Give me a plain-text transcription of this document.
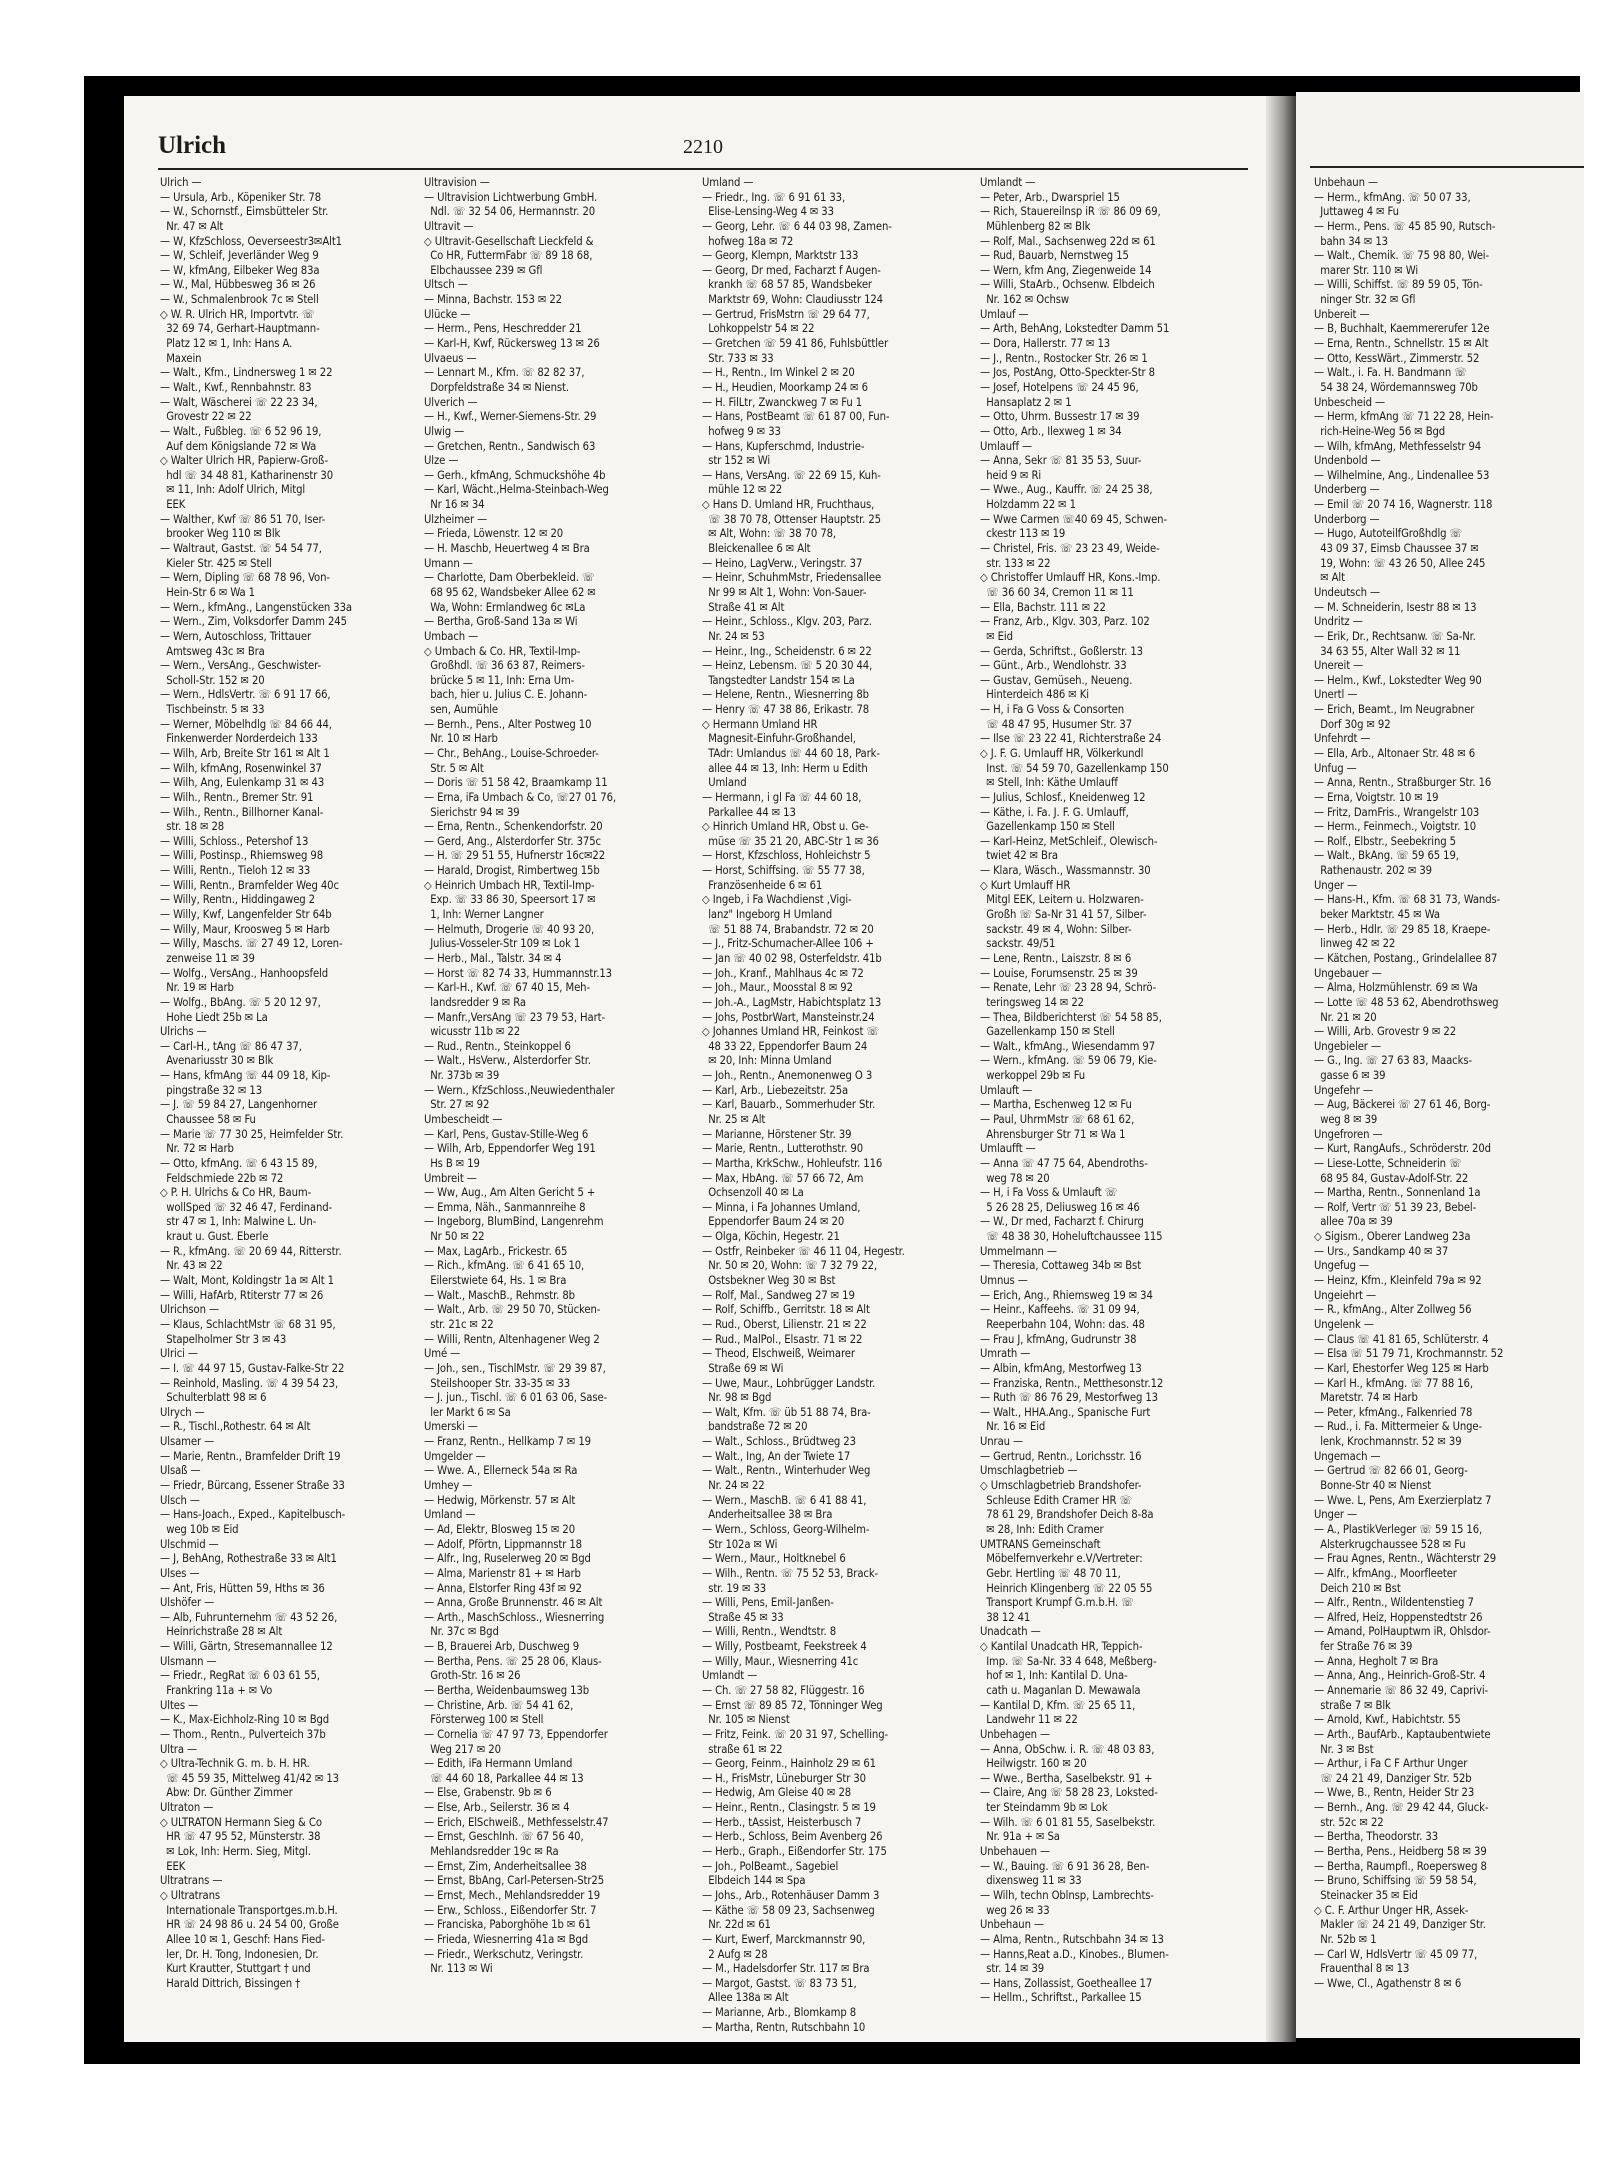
Ulrich	2210
Ulrich —
— Ursula, Arb., Köpeniker Str. 78
— W., Schornstf., Eimsbütteler Str.
Nr. 47 ✉ Alt
— W, KfzSchloss, Oeverseestr3✉Alt1
— W, Schleif, Jeverländer Weg 9
— W, kfmAng, Eilbeker Weg 83a
— W., Mal, Hübbesweg 36 ✉ 26
— W., Schmalenbrook 7c ✉ Stell
◇ W. R. Ulrich HR, Importvtr. ☏
32 69 74, Gerhart-Hauptmann-
Platz 12 ✉ 1, Inh: Hans A.
Maxein
— Walt., Kfm., Lindnersweg 1 ✉ 22
— Walt., Kwf., Rennbahnstr. 83
— Walt, Wäscherei ☏ 22 23 34,
Grovestr 22 ✉ 22
— Walt., Fußbleg. ☏ 6 52 96 19,
Auf dem Königslande 72 ✉ Wa
◇ Walter Ulrich HR, Papierw-Groß-
hdl ☏ 34 48 81, Katharinenstr 30
✉ 11, Inh: Adolf Ulrich, Mitgl
EEK
— Walther, Kwf ☏ 86 51 70, Iser-
brooker Weg 110 ✉ Blk
— Waltraut, Gastst. ☏ 54 54 77,
Kieler Str. 425 ✉ Stell
— Wern, Dipling ☏ 68 78 96, Von-
Hein-Str 6 ✉ Wa 1
— Wern., kfmAng., Langenstücken 33a
— Wern., Zim, Volksdorfer Damm 245
— Wern, Autoschloss, Trittauer
Amtsweg 43c ✉ Bra
— Wern., VersAng., Geschwister-
Scholl-Str. 152 ✉ 20
— Wern., HdlsVertr. ☏ 6 91 17 66,
Tischbeinstr. 5 ✉ 33
— Werner, Möbelhdlg ☏ 84 66 44,
Finkenwerder Norderdeich 133
— Wilh, Arb, Breite Str 161 ✉ Alt 1
— Wilh, kfmAng, Rosenwinkel 37
— Wilh, Ang, Eulenkamp 31 ✉ 43
— Wilh., Rentn., Bremer Str. 91
— Wilh., Rentn., Billhorner Kanal-
str. 18 ✉ 28
— Willi, Schloss., Petershof 13
— Willi, Postinsp., Rhiemsweg 98
— Willi, Rentn., Tieloh 12 ✉ 33
— Willi, Rentn., Bramfelder Weg 40c
— Willy, Rentn., Hiddingaweg 2
— Willy, Kwf, Langenfelder Str 64b
— Willy, Maur, Kroosweg 5 ✉ Harb
— Willy, Maschs. ☏ 27 49 12, Loren-
zenweise 11 ✉ 39
— Wolfg., VersAng., Hanhoopsfeld
Nr. 19 ✉ Harb
— Wolfg., BbAng. ☏ 5 20 12 97,
Hohe Liedt 25b ✉ La
Ulrichs —
— Carl-H., tAng ☏ 86 47 37,
Avenariusstr 30 ✉ Blk
— Hans, kfmAng ☏ 44 09 18, Kip-
pingstraße 32 ✉ 13
— J. ☏ 59 84 27, Langenhorner
Chaussee 58 ✉ Fu
— Marie ☏ 77 30 25, Heimfelder Str.
Nr. 72 ✉ Harb
— Otto, kfmAng. ☏ 6 43 15 89,
Feldschmiede 22b ✉ 72
◇ P. H. Ulrichs & Co HR, Baum-
wollSped ☏ 32 46 47, Ferdinand-
str 47 ✉ 1, Inh: Malwine L. Un-
kraut u. Gust. Eberle
— R., kfmAng. ☏ 20 69 44, Ritterstr.
Nr. 43 ✉ 22
— Walt, Mont, Koldingstr 1a ✉ Alt 1
— Willi, HafArb, Rtiterstr 77 ✉ 26
Ulrichson —
— Klaus, SchlachtMstr ☏ 68 31 95,
Stapelholmer Str 3 ✉ 43
Ulrici —
— I. ☏ 44 97 15, Gustav-Falke-Str 22
— Reinhold, Masling. ☏ 4 39 54 23,
Schulterblatt 98 ✉ 6
Ulrych —
— R., Tischl.,Rothestr. 64 ✉ Alt
Ulsamer —
— Marie, Rentn., Bramfelder Drift 19
Ulsaß —
— Friedr, Bürcang, Essener Straße 33
Ulsch —
— Hans-Joach., Exped., Kapitelbusch-
weg 10b ✉ Eid
Ulschmid —
— J, BehAng, Rothestraße 33 ✉ Alt1
Ulses —
— Ant, Fris, Hütten 59, Hths ✉ 36
Ulshöfer —
— Alb, Fuhrunternehm ☏ 43 52 26,
Heinrichstraße 28 ✉ Alt
— Willi, Gärtn, Stresemannallee 12
Ulsmann —
— Friedr., RegRat ☏ 6 03 61 55,
Frankring 11a + ✉ Vo
Ultes —
— K., Max-Eichholz-Ring 10 ✉ Bgd
— Thom., Rentn., Pulverteich 37b
Ultra —
◇ Ultra-Technik G. m. b. H. HR.
☏ 45 59 35, Mittelweg 41/42 ✉ 13
Abw: Dr. Günther Zimmer
Ultraton —
◇ ULTRATON Hermann Sieg & Co
HR ☏ 47 95 52, Münsterstr. 38
✉ Lok, Inh: Herm. Sieg, Mitgl.
EEK
Ultratrans —
◇ Ultratrans
Internationale Transportges.m.b.H.
HR ☏ 24 98 86 u. 24 54 00, Große
Allee 10 ✉ 1, Geschf: Hans Fied-
ler, Dr. H. Tong, Indonesien, Dr.
Kurt Krautter, Stuttgart † und
Harald Dittrich, Bissingen †
Ultravision —
— Ultravision Lichtwerbung GmbH.
Ndl. ☏ 32 54 06, Hermannstr. 20
Ultravit —
◇ Ultravit-Gesellschaft Lieckfeld &
Co HR, FuttermFabr ☏ 89 18 68,
Elbchaussee 239 ✉ Gfl
Ultsch —
— Minna, Bachstr. 153 ✉ 22
Ulücke —
— Herm., Pens, Heschredder 21
— Karl-H, Kwf, Rückersweg 13 ✉ 26
Ulvaeus —
— Lennart M., Kfm. ☏ 82 82 37,
Dorpfeldstraße 34 ✉ Nienst.
Ulverich —
— H., Kwf., Werner-Siemens-Str. 29
Ulwig —
— Gretchen, Rentn., Sandwisch 63
Ulze —
— Gerh., kfmAng, Schmuckshöhe 4b
— Karl, Wächt.,Helma-Steinbach-Weg
Nr 16 ✉ 34
Ulzheimer —
— Frieda, Löwenstr. 12 ✉ 20
— H. Maschb, Heuertweg 4 ✉ Bra
Umann —
— Charlotte, Dam Oberbekleid. ☏
68 95 62, Wandsbeker Allee 62 ✉
Wa, Wohn: Ermlandweg 6c ✉La
— Bertha, Groß-Sand 13a ✉ Wi
Umbach —
◇ Umbach & Co. HR, Textil-Imp-
Großhdl. ☏ 36 63 87, Reimers-
brücke 5 ✉ 11, Inh: Erna Um-
bach, hier u. Julius C. E. Johann-
sen, Aumühle
— Bernh., Pens., Alter Postweg 10
Nr. 10 ✉ Harb
— Chr., BehAng., Louise-Schroeder-
Str. 5 ✉ Alt
— Doris ☏ 51 58 42, Braamkamp 11
— Erna, iFa Umbach & Co, ☏27 01 76,
Sierichstr 94 ✉ 39
— Erna, Rentn., Schenkendorfstr. 20
— Gerd, Ang., Alsterdorfer Str. 375c
— H. ☏ 29 51 55, Hufnerstr 16c✉22
— Harald, Drogist, Rimbertweg 15b
◇ Heinrich Umbach HR, Textil-Imp-
Exp. ☏ 33 86 30, Speersort 17 ✉
1, Inh: Werner Langner
— Helmuth, Drogerie ☏ 40 93 20,
Julius-Vosseler-Str 109 ✉ Lok 1
— Herb., Mal., Talstr. 34 ✉ 4
— Horst ☏ 82 74 33, Hummannstr.13
— Karl-H., Kwf. ☏ 67 40 15, Meh-
landsredder 9 ✉ Ra
— Manfr.,VersAng ☏ 23 79 53, Hart-
wicusstr 11b ✉ 22
— Rud., Rentn., Steinkoppel 6
— Walt., HsVerw., Alsterdorfer Str.
Nr. 373b ✉ 39
— Wern., KfzSchloss.,Neuwiedenthaler
Str. 27 ✉ 92
Umbescheidt —
— Karl, Pens, Gustav-Stille-Weg 6
— Wilh, Arb, Eppendorfer Weg 191
Hs B ✉ 19
Umbreit —
— Ww, Aug., Am Alten Gericht 5 +
— Emma, Näh., Sanmannreihe 8
— Ingeborg, BlumBind, Langenrehm
Nr 50 ✉ 22
— Max, LagArb., Frickestr. 65
— Rich., kfmAng. ☏ 6 41 65 10,
Eilerstwiete 64, Hs. 1 ✉ Bra
— Walt., MaschB., Rehmstr. 8b
— Walt., Arb. ☏ 29 50 70, Stücken-
str. 21c ✉ 22
— Willi, Rentn, Altenhagener Weg 2
Umé —
— Joh., sen., TischlMstr. ☏ 29 39 87,
Steilshooper Str. 33-35 ✉ 33
— J. jun., Tischl. ☏ 6 01 63 06, Sase-
ler Markt 6 ✉ Sa
Umerski —
— Franz, Rentn., Hellkamp 7 ✉ 19
Umgelder —
— Wwe. A., Ellerneck 54a ✉ Ra
Umhey —
— Hedwig, Mörkenstr. 57 ✉ Alt
Umland —
— Ad, Elektr, Blosweg 15 ✉ 20
— Adolf, Pförtn, Lippmannstr 18
— Alfr., Ing, Ruselerweg 20 ✉ Bgd
— Alma, Marienstr 81 + ✉ Harb
— Anna, Elstorfer Ring 43f ✉ 92
— Anna, Große Brunnenstr. 46 ✉ Alt
— Arth., MaschSchloss., Wiesnerring
Nr. 37c ✉ Bgd
— B, Brauerei Arb, Duschweg 9
— Bertha, Pens. ☏ 25 28 06, Klaus-
Groth-Str. 16 ✉ 26
— Bertha, Weidenbaumsweg 13b
— Christine, Arb. ☏ 54 41 62,
Försterweg 100 ✉ Stell
— Cornelia ☏ 47 97 73, Eppendorfer
Weg 217 ✉ 20
— Edith, iFa Hermann Umland
☏ 44 60 18, Parkallee 44 ✉ 13
— Else, Grabenstr. 9b ✉ 6
— Else, Arb., Seilerstr. 36 ✉ 4
— Erich, ElSchweiß., Methfesselstr.47
— Ernst, GeschInh. ☏ 67 56 40,
Mehlandsredder 19c ✉ Ra
— Ernst, Zim, Anderheitsallee 38
— Ernst, BbAng, Carl-Petersen-Str25
— Ernst, Mech., Mehlandsredder 19
— Erw., Schloss., Eißendorfer Str. 7
— Franciska, Paborghöhe 1b ✉ 61
— Frieda, Wiesnerring 41a ✉ Bgd
— Friedr., Werkschutz, Veringstr.
Nr. 113 ✉ Wi
Umland —
— Friedr., Ing. ☏ 6 91 61 33,
Elise-Lensing-Weg 4 ✉ 33
— Georg, Lehr. ☏ 6 44 03 98, Zamen-
hofweg 18a ✉ 72
— Georg, Klempn, Marktstr 133
— Georg, Dr med, Facharzt f Augen-
krankh ☏ 68 57 85, Wandsbeker
Marktstr 69, Wohn: Claudiusstr 124
— Gertrud, FrisMstrn ☏ 29 64 77,
Lohkoppelstr 54 ✉ 22
— Gretchen ☏ 59 41 86, Fuhlsbüttler
Str. 733 ✉ 33
— H., Rentn., Im Winkel 2 ✉ 20
— H., Heudien, Moorkamp 24 ✉ 6
— H. FilLtr, Zwanckweg 7 ✉ Fu 1
— Hans, PostBeamt ☏ 61 87 00, Fun-
hofweg 9 ✉ 33
— Hans, Kupferschmd, Industrie-
str 152 ✉ Wi
— Hans, VersAng. ☏ 22 69 15, Kuh-
mühle 12 ✉ 22
◇ Hans D. Umland HR, Fruchthaus,
☏ 38 70 78, Ottenser Hauptstr. 25
✉ Alt, Wohn: ☏ 38 70 78,
Bleickenallee 6 ✉ Alt
— Heino, LagVerw., Veringstr. 37
— Heinr, SchuhmMstr, Friedensallee
Nr 99 ✉ Alt 1, Wohn: Von-Sauer-
Straße 41 ✉ Alt
— Heinr., Schloss., Klgv. 203, Parz.
Nr. 24 ✉ 53
— Heinr., Ing., Scheidenstr. 6 ✉ 22
— Heinz, Lebensm. ☏ 5 20 30 44,
Tangstedter Landstr 154 ✉ La
— Helene, Rentn., Wiesnerring 8b
— Henry ☏ 47 38 86, Erikastr. 78
◇ Hermann Umland HR
Magnesit-Einfuhr-Großhandel,
TAdr: Umlandus ☏ 44 60 18, Park-
allee 44 ✉ 13, Inh: Herm u Edith
Umland
— Hermann, i gl Fa ☏ 44 60 18,
Parkallee 44 ✉ 13
◇ Hinrich Umland HR, Obst u. Ge-
müse ☏ 35 21 20, ABC-Str 1 ✉ 36
— Horst, Kfzschloss, Hohleichstr 5
— Horst, Schiffsing. ☏ 55 77 38,
Französenheide 6 ✉ 61
◇ Ingeb, i Fa Wachdienst ,Vigi-
lanz" Ingeborg H Umland
☏ 51 88 74, Brabandstr. 72 ✉ 20
— J., Fritz-Schumacher-Allee 106 +
— Jan ☏ 40 02 98, Osterfeldstr. 41b
— Joh., Kranf., Mahlhaus 4c ✉ 72
— Joh., Maur., Moosstal 8 ✉ 92
— Joh.-A., LagMstr, Habichtsplatz 13
— Johs, PostbrWart, Mansteinstr.24
◇ Johannes Umland HR, Feinkost ☏
48 33 22, Eppendorfer Baum 24
✉ 20, Inh: Minna Umland
— Joh., Rentn., Anemonenweg O 3
— Karl, Arb., Liebezeitstr. 25a
— Karl, Bauarb., Sommerhuder Str.
Nr. 25 ✉ Alt
— Marianne, Hörstener Str. 39
— Marie, Rentn., Lutterothstr. 90
— Martha, KrkSchw., Hohleufstr. 116
— Max, HbAng. ☏ 57 66 72, Am
Ochsenzoll 40 ✉ La
— Minna, i Fa Johannes Umland,
Eppendorfer Baum 24 ✉ 20
— Olga, Köchin, Hegestr. 21
— Ostfr, Reinbeker ☏ 46 11 04, Hegestr.
Nr. 50 ✉ 20, Wohn: ☏ 7 32 79 22,
Ostsbekner Weg 30 ✉ Bst
— Rolf, Mal., Sandweg 27 ✉ 19
— Rolf, Schiffb., Gerritstr. 18 ✉ Alt
— Rud., Oberst, Lilienstr. 21 ✉ 22
— Rud., MalPol., Elsastr. 71 ✉ 22
— Theod, Elschweiß, Weimarer
Straße 69 ✉ Wi
— Uwe, Maur., Lohbrügger Landstr.
Nr. 98 ✉ Bgd
— Walt, Kfm. ☏ üb 51 88 74, Bra-
bandstraße 72 ✉ 20
— Walt., Schloss., Brüdtweg 23
— Walt., Ing, An der Twiete 17
— Walt., Rentn., Winterhuder Weg
Nr. 24 ✉ 22
— Wern., MaschB. ☏ 6 41 88 41,
Anderheitsallee 38 ✉ Bra
— Wern., Schloss, Georg-Wilhelm-
Str 102a ✉ Wi
— Wern., Maur., Holtknebel 6
— Wilh., Rentn. ☏ 75 52 53, Brack-
str. 19 ✉ 33
— Willi, Pens, Emil-Janßen-
Straße 45 ✉ 33
— Willi, Rentn., Wendtstr. 8
— Willy, Postbeamt, Feekstreek 4
— Willy, Maur., Wiesnerring 41c
Umlandt —
— Ch. ☏ 27 58 82, Flüggestr. 16
— Ernst ☏ 89 85 72, Tönninger Weg
Nr. 105 ✉ Nienst
— Fritz, Feink. ☏ 20 31 97, Schelling-
straße 61 ✉ 22
— Georg, Feinm., Hainholz 29 ✉ 61
— H., FrisMstr, Lüneburger Str 30
— Hedwig, Am Gleise 40 ✉ 28
— Heinr., Rentn., Clasingstr. 5 ✉ 19
— Herb., tAssist, Heisterbusch 7
— Herb., Schloss, Beim Avenberg 26
— Herb., Graph., Eißendorfer Str. 175
— Joh., PolBeamt., Sagebiel
Elbdeich 144 ✉ Spa
— Johs., Arb., Rotenhäuser Damm 3
— Käthe ☏ 58 09 23, Sachsenweg
Nr. 22d ✉ 61
— Kurt, Ewerf, Marckmannstr 90,
2 Aufg ✉ 28
— M., Hadelsdorfer Str. 117 ✉ Bra
— Margot, Gastst. ☏ 83 73 51,
Allee 138a ✉ Alt
— Marianne, Arb., Blomkamp 8
— Martha, Rentn, Rutschbahn 10
Umlandt —
— Peter, Arb., Dwarspriel 15
— Rich, Stauereilnsp iR ☏ 86 09 69,
Mühlenberg 82 ✉ Blk
— Rolf, Mal., Sachsenweg 22d ✉ 61
— Rud, Bauarb, Nernstweg 15
— Wern, kfm Ang, Ziegenweide 14
— Willi, StaArb., Ochsenw. Elbdeich
Nr. 162 ✉ Ochsw
Umlauf —
— Arth, BehAng, Lokstedter Damm 51
— Dora, Hallerstr. 77 ✉ 13
— J., Rentn., Rostocker Str. 26 ✉ 1
— Jos, PostAng, Otto-Speckter-Str 8
— Josef, Hotelpens ☏ 24 45 96,
Hansaplatz 2 ✉ 1
— Otto, Uhrm. Bussestr 17 ✉ 39
— Otto, Arb., Ilexweg 1 ✉ 34
Umlauff —
— Anna, Sekr ☏ 81 35 53, Suur-
heid 9 ✉ Ri
— Wwe., Aug., Kauffr. ☏ 24 25 38,
Holzdamm 22 ✉ 1
— Wwe Carmen ☏40 69 45, Schwen-
ckestr 113 ✉ 19
— Christel, Fris. ☏ 23 23 49, Weide-
str. 133 ✉ 22
◇ Christoffer Umlauff HR, Kons.-Imp.
☏ 36 60 34, Cremon 11 ✉ 11
— Ella, Bachstr. 111 ✉ 22
— Franz, Arb., Klgv. 303, Parz. 102
✉ Eid
— Gerda, Schriftst., Goßlerstr. 13
— Günt., Arb., Wendlohstr. 33
— Gustav, Gemüseh., Neueng.
Hinterdeich 486 ✉ Ki
— H, i Fa G Voss & Consorten
☏ 48 47 95, Husumer Str. 37
— Ilse ☏ 23 22 41, Richterstraße 24
◇ J. F. G. Umlauff HR, Völkerkundl
Inst. ☏ 54 59 70, Gazellenkamp 150
✉ Stell, Inh: Käthe Umlauff
— Julius, Schlosf., Kneidenweg 12
— Käthe, i. Fa. J. F. G. Umlauff,
Gazellenkamp 150 ✉ Stell
— Karl-Heinz, MetSchleif., Olewisch-
twiet 42 ✉ Bra
— Klara, Wäsch., Wassmannstr. 30
◇ Kurt Umlauff HR
Mitgl EEK, Leitern u. Holzwaren-
Großh ☏ Sa-Nr 31 41 57, Silber-
sackstr. 49 ✉ 4, Wohn: Silber-
sackstr. 49/51
— Lene, Rentn., Laiszstr. 8 ✉ 6
— Louise, Forumsenstr. 25 ✉ 39
— Renate, Lehr ☏ 23 28 94, Schrö-
teringsweg 14 ✉ 22
— Thea, Bildberichterst ☏ 54 58 85,
Gazellenkamp 150 ✉ Stell
— Walt., kfmAng., Wiesendamm 97
— Wern., kfmAng. ☏ 59 06 79, Kie-
werkoppel 29b ✉ Fu
Umlauft —
— Martha, Eschenweg 12 ✉ Fu
— Paul, UhrmMstr ☏ 68 61 62,
Ahrensburger Str 71 ✉ Wa 1
Umlaufft —
— Anna ☏ 47 75 64, Abendroths-
weg 78 ✉ 20
— H, i Fa Voss & Umlauft ☏
5 26 28 25, Deliusweg 16 ✉ 46
— W., Dr med, Facharzt f. Chirurg
☏ 48 38 30, Hoheluftchaussee 115
Ummelmann —
— Theresia, Cottaweg 34b ✉ Bst
Umnus —
— Erich, Ang., Rhiemsweg 19 ✉ 34
— Heinr., Kaffeehs. ☏ 31 09 94,
Reeperbahn 104, Wohn: das. 48
— Frau J, kfmAng, Gudrunstr 38
Umrath —
— Albin, kfmAng, Mestorfweg 13
— Franziska, Rentn., Metthesonstr.12
— Ruth ☏ 86 76 29, Mestorfweg 13
— Walt., HHA.Ang., Spanische Furt
Nr. 16 ✉ Eid
Unrau —
— Gertrud, Rentn., Lorichsstr. 16
Umschlagbetrieb —
◇ Umschlagbetrieb Brandshofer-
Schleuse Edith Cramer HR ☏
78 61 29, Brandshofer Deich 8-8a
✉ 28, Inh: Edith Cramer
UMTRANS Gemeinschaft
Möbelfernverkehr e.V/Vertreter:
Gebr. Hertling ☏ 48 70 11,
Heinrich Klingenberg ☏ 22 05 55
Transport Krumpf G.m.b.H. ☏
38 12 41
Unadcath —
◇ Kantilal Unadcath HR, Teppich-
Imp. ☏ Sa-Nr. 33 4 648, Meßberg-
hof ✉ 1, Inh: Kantilal D. Una-
cath u. Maganlan D. Mewawala
— Kantilal D, Kfm. ☏ 25 65 11,
Landwehr 11 ✉ 22
Unbehagen —
— Anna, ObSchw. i. R. ☏ 48 03 83,
Heilwigstr. 160 ✉ 20
— Wwe., Bertha, Saselbekstr. 91 +
— Claire, Ang ☏ 58 28 23, Loksted-
ter Steindamm 9b ✉ Lok
— Wilh. ☏ 6 01 81 55, Saselbekstr.
Nr. 91a + ✉ Sa
Unbehauen —
— W., Bauing. ☏ 6 91 36 28, Ben-
dixensweg 11 ✉ 33
— Wilh, techn Oblnsp, Lambrechts-
weg 26 ✉ 33
Unbehaun —
— Alma, Rentn., Rutschbahn 34 ✉ 13
— Hanns,Reat a.D., Kinobes., Blumen-
str. 14 ✉ 39
— Hans, Zollassist, Goetheallee 17
— Hellm., Schriftst., Parkallee 15
Unbehaun —
— Herm., kfmAng. ☏ 50 07 33,
Juttaweg 4 ✉ Fu
— Herm., Pens. ☏ 45 85 90, Rutsch-
bahn 34 ✉ 13
— Walt., Chemik. ☏ 75 98 80, Wei-
marer Str. 110 ✉ Wi
— Willi, Schiffst. ☏ 89 59 05, Tön-
ninger Str. 32 ✉ Gfl
Unbereit —
— B, Buchhalt, Kaemmererufer 12e
— Erna, Rentn., Schnellstr. 15 ✉ Alt
— Otto, KessWärt., Zimmerstr. 52
— Walt., i. Fa. H. Bandmann ☏
54 38 24, Wördemannsweg 70b
Unbescheid —
— Herm, kfmAng ☏ 71 22 28, Hein-
rich-Heine-Weg 56 ✉ Bgd
— Wilh, kfmAng, Methfesselstr 94
Undenbold —
— Wilhelmine, Ang., Lindenallee 53
Underberg —
— Emil ☏ 20 74 16, Wagnerstr. 118
Underborg —
— Hugo, AutoteilfGroßhdlg ☏
43 09 37, Eimsb Chaussee 37 ✉
19, Wohn: ☏ 43 26 50, Allee 245
✉ Alt
Undeutsch —
— M. Schneiderin, Isestr 88 ✉ 13
Undritz —
— Erik, Dr., Rechtsanw. ☏ Sa-Nr.
34 63 55, Alter Wall 32 ✉ 11
Unereit —
— Helm., Kwf., Lokstedter Weg 90
Unertl —
— Erich, Beamt., Im Neugrabner
Dorf 30g ✉ 92
Unfehrdt —
— Ella, Arb., Altonaer Str. 48 ✉ 6
Unfug —
— Anna, Rentn., Straßburger Str. 16
— Erna, Voigtstr. 10 ✉ 19
— Fritz, DamFris., Wrangelstr 103
— Herm., Feinmech., Voigtstr. 10
— Rolf., Elbstr., Seebekring 5
— Walt., BkAng. ☏ 59 65 19,
Rathenaustr. 202 ✉ 39
Unger —
— Hans-H., Kfm. ☏ 68 31 73, Wands-
beker Marktstr. 45 ✉ Wa
— Herb., Hdlr. ☏ 29 85 18, Kraepe-
linweg 42 ✉ 22
— Kätchen, Postang., Grindelallee 87
Ungebauer —
— Alma, Holzmühlenstr. 69 ✉ Wa
— Lotte ☏ 48 53 62, Abendrothsweg
Nr. 21 ✉ 20
— Willi, Arb. Grovestr 9 ✉ 22
Ungebieler —
— G., Ing. ☏ 27 63 83, Maacks-
gasse 6 ✉ 39
Ungefehr —
— Aug, Bäckerei ☏ 27 61 46, Borg-
weg 8 ✉ 39
Ungefroren —
— Kurt, RangAufs., Schröderstr. 20d
— Liese-Lotte, Schneiderin ☏
68 95 84, Gustav-Adolf-Str. 22
— Martha, Rentn., Sonnenland 1a
— Rolf, Vertr ☏ 51 39 23, Bebel-
allee 70a ✉ 39
◇ Sigism., Oberer Landweg 23a
— Urs., Sandkamp 40 ✉ 37
Ungefug —
— Heinz, Kfm., Kleinfeld 79a ✉ 92
Ungeiehrt —
— R., kfmAng., Alter Zollweg 56
Ungelenk —
— Claus ☏ 41 81 65, Schlüterstr. 4
— Elsa ☏ 51 79 71, Krochmannstr. 52
— Karl, Ehestorfer Weg 125 ✉ Harb
— Karl H., kfmAng. ☏ 77 88 16,
Maretstr. 74 ✉ Harb
— Peter, kfmAng., Falkenried 78
— Rud., i. Fa. Mittermeier & Unge-
lenk, Krochmannstr. 52 ✉ 39
Ungemach —
— Gertrud ☏ 82 66 01, Georg-
Bonne-Str 40 ✉ Nienst
— Wwe. L, Pens, Am Exerzierplatz 7
Unger —
— A., PlastikVerleger ☏ 59 15 16,
Alsterkrugchaussee 528 ✉ Fu
— Frau Agnes, Rentn., Wächterstr 29
— Alfr., kfmAng., Moorfleeter
Deich 210 ✉ Bst
— Alfr., Rentn., Wildentenstieg 7
— Alfred, Heiz, Hoppenstedtstr 26
— Amand, PolHauptwm iR, Ohlsdor-
fer Straße 76 ✉ 39
— Anna, Hegholt 7 ✉ Bra
— Anna, Ang., Heinrich-Groß-Str. 4
— Annemarie ☏ 86 32 49, Caprivi-
straße 7 ✉ Blk
— Arnold, Kwf., Habichtstr. 55
— Arth., BaufArb., Kaptaubentwiete
Nr. 3 ✉ Bst
— Arthur, i Fa C F Arthur Unger
☏ 24 21 49, Danziger Str. 52b
— Wwe, B., Rentn, Heider Str 23
— Bernh., Ang. ☏ 29 42 44, Gluck-
str. 52c ✉ 22
— Bertha, Theodorstr. 33
— Bertha, Pens., Heidberg 58 ✉ 39
— Bertha, Raumpfl., Roepersweg 8
— Bruno, Schiffsing ☏ 59 58 54,
Steinacker 35 ✉ Eid
◇ C. F. Arthur Unger HR, Assek-
Makler ☏ 24 21 49, Danziger Str.
Nr. 52b ✉ 1
— Carl W, HdlsVertr ☏ 45 09 77,
Frauenthal 8 ✉ 13
— Wwe, Cl., Agathenstr 8 ✉ 6
